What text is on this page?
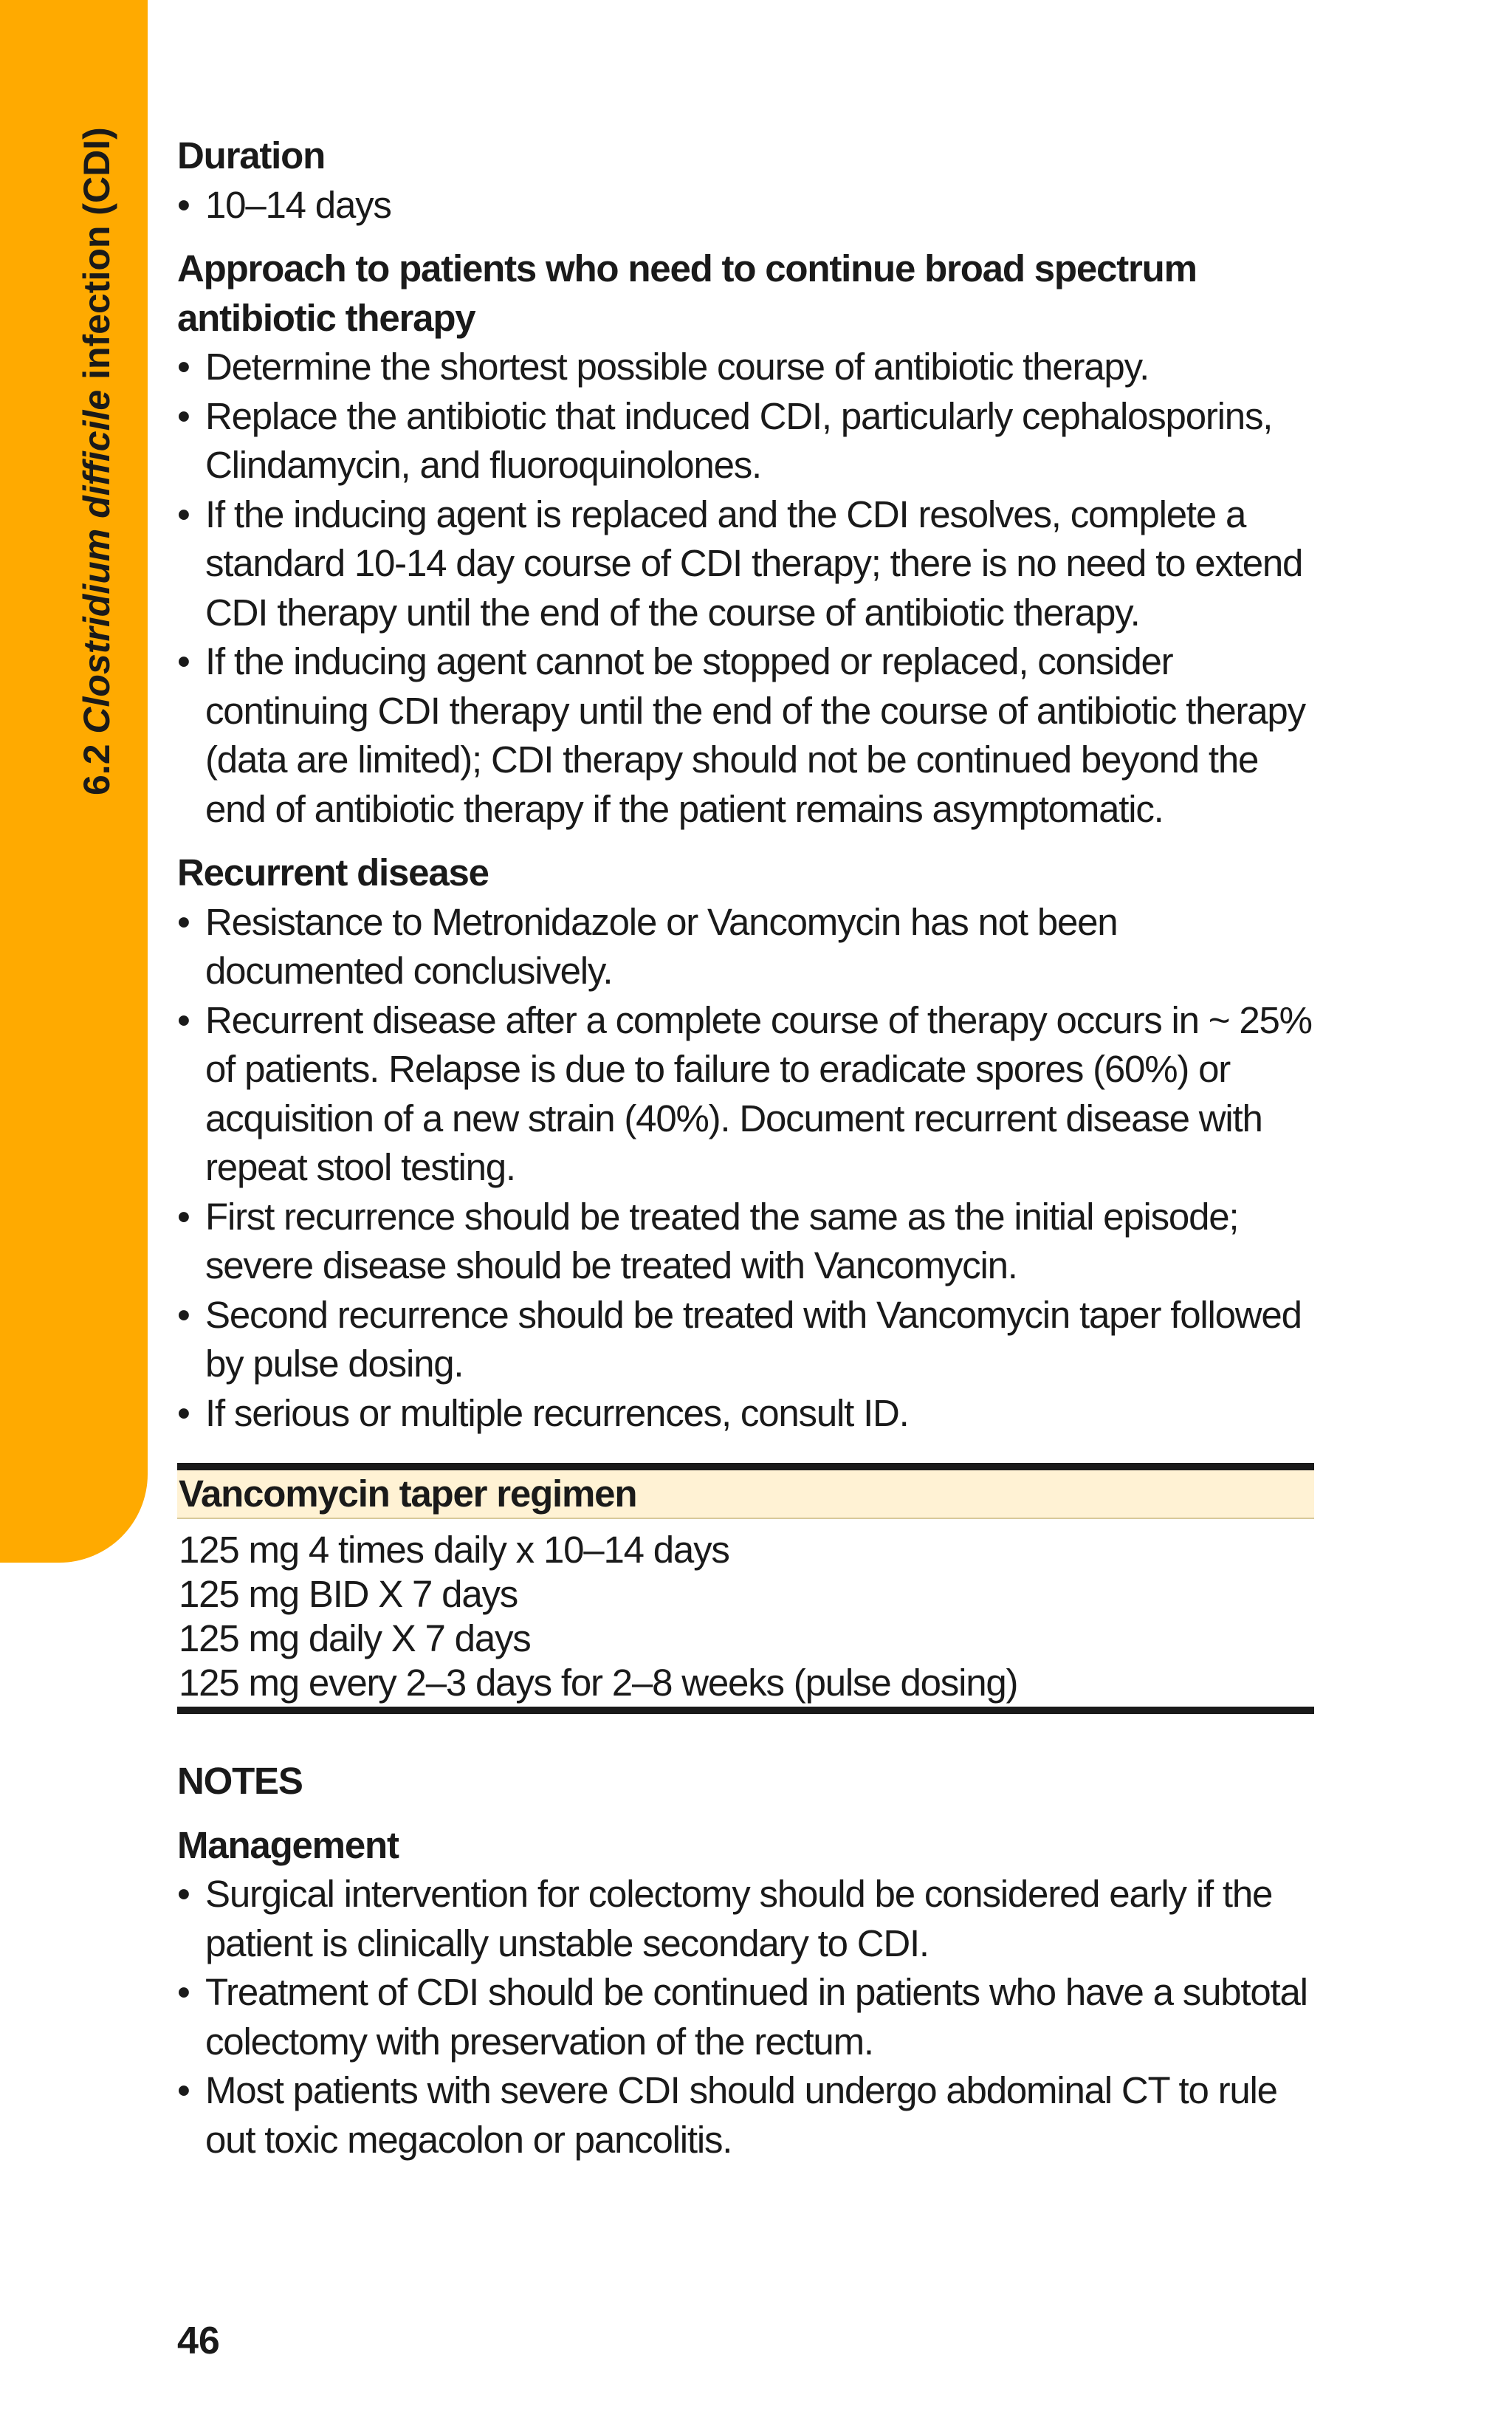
6.2 Clostridium difficile infection (CDI) Duration
• 10–14 days
Approach to patients who need to continue broad spectrum
antibiotic therapy
• Determine the shortest possible course of antibiotic therapy.
• Replace the antibiotic that induced CDI, particularly cephalosporins, Clindamycin, and fluoroquinolones.
• If the inducing agent is replaced and the CDI resolves, complete a standard 10-14 day course of CDI therapy; there is no need to extend CDI therapy until the end of the course of antibiotic therapy.
• If the inducing agent cannot be stopped or replaced, consider continuing CDI therapy until the end of the course of antibiotic therapy (data are limited); CDI therapy should not be continued beyond the end of antibiotic therapy if the patient remains asymptomatic.
Recurrent disease
• Resistance to Metronidazole or Vancomycin has not been documented conclusively.
• Recurrent disease after a complete course of therapy occurs in ~ 25% of patients. Relapse is due to failure to eradicate spores (60%) or acquisition of a new strain (40%). Document recurrent disease with repeat stool testing.
• First recurrence should be treated the same as the initial episode; severe disease should be treated with Vancomycin.
• Second recurrence should be treated with Vancomycin taper followed by pulse dosing.
• If serious or multiple recurrences, consult ID.
Vancomycin taper regimen
125 mg 4 times daily x 10–14 days
125 mg BID X 7 days
125 mg daily X 7 days
125 mg every 2–3 days for 2–8 weeks (pulse dosing)
NOTES
Management
• Surgical intervention for colectomy should be considered early if the patient is clinically unstable secondary to CDI.
• Treatment of CDI should be continued in patients who have a subtotal colectomy with preservation of the rectum.
• Most patients with severe CDI should undergo abdominal CT to rule out toxic megacolon or pancolitis.
46
